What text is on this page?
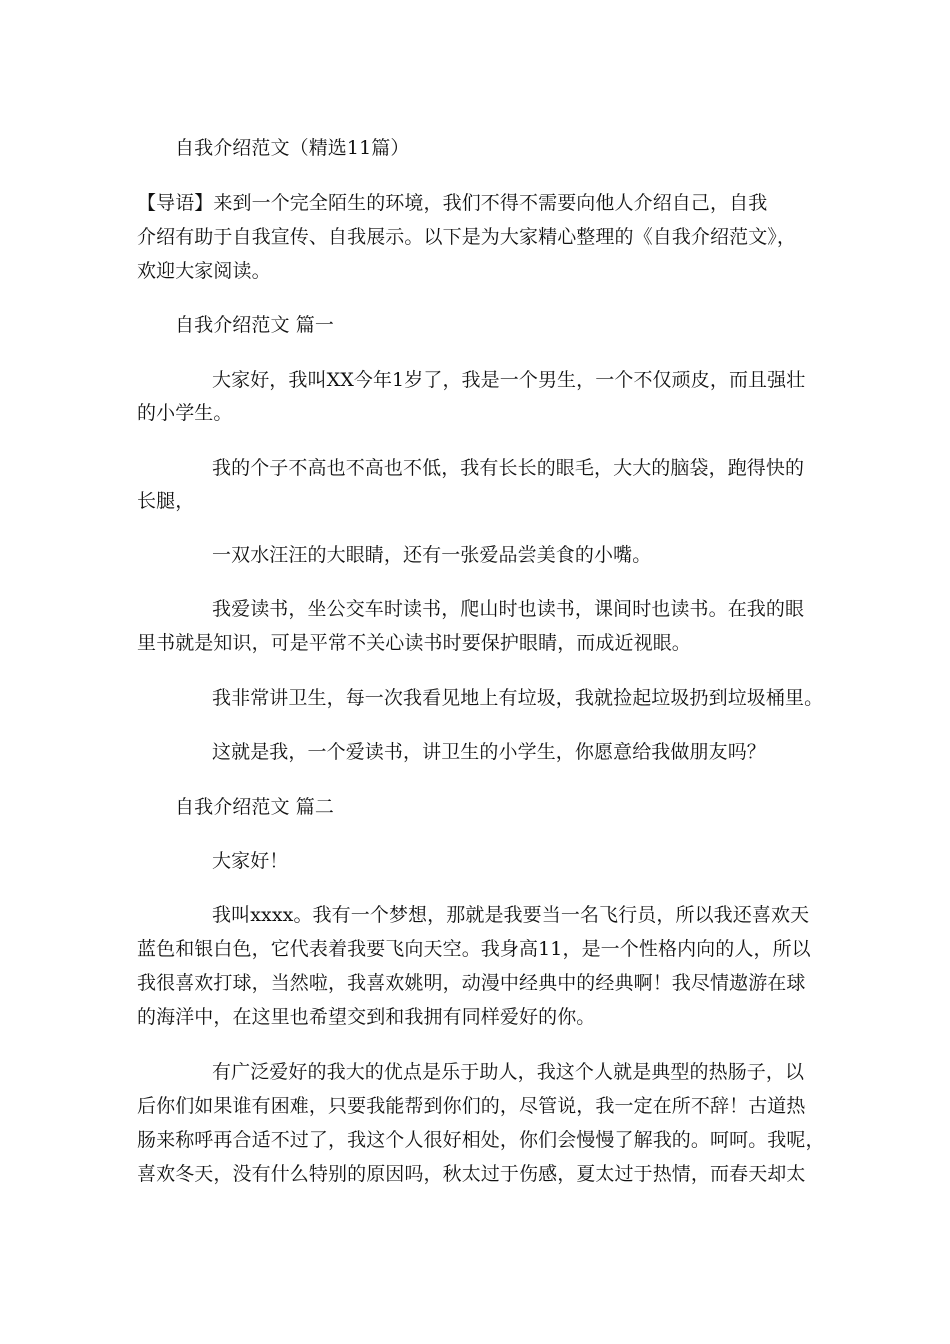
自我介绍范文（精选11篇）
【导语】来到一个完全陌生的环境，我们不得不需要向他人介绍自己，自我
介绍有助于自我宣传、自我展示。以下是为大家精心整理的《自我介绍范文》，
欢迎大家阅读。
自我介绍范文 篇一
大家好，我叫XX今年1岁了，我是一个男生，一个不仅顽皮，而且强壮
的小学生。
我的个子不高也不高也不低，我有长长的眼毛，大大的脑袋，跑得快的
长腿，
一双水汪汪的大眼睛，还有一张爱品尝美食的小嘴。
我爱读书，坐公交车时读书，爬山时也读书，课间时也读书。在我的眼
里书就是知识，可是平常不关心读书时要保护眼睛，而成近视眼。
我非常讲卫生，每一次我看见地上有垃圾，我就捡起垃圾扔到垃圾桶里。
这就是我，一个爱读书，讲卫生的小学生，你愿意给我做朋友吗？
自我介绍范文 篇二
大家好！
我叫xxxx。我有一个梦想，那就是我要当一名飞行员，所以我还喜欢天
蓝色和银白色，它代表着我要飞向天空。我身高11，是一个性格内向的人，所以
我很喜欢打球，当然啦，我喜欢姚明，动漫中经典中的经典啊！我尽情遨游在球
的海洋中，在这里也希望交到和我拥有同样爱好的你。
有广泛爱好的我大的优点是乐于助人，我这个人就是典型的热肠子，以
后你们如果谁有困难，只要我能帮到你们的，尽管说，我一定在所不辞！古道热
肠来称呼再合适不过了，我这个人很好相处，你们会慢慢了解我的。呵呵。我呢，
喜欢冬天，没有什么特别的原因吗，秋太过于伤感，夏太过于热情，而春天却太
